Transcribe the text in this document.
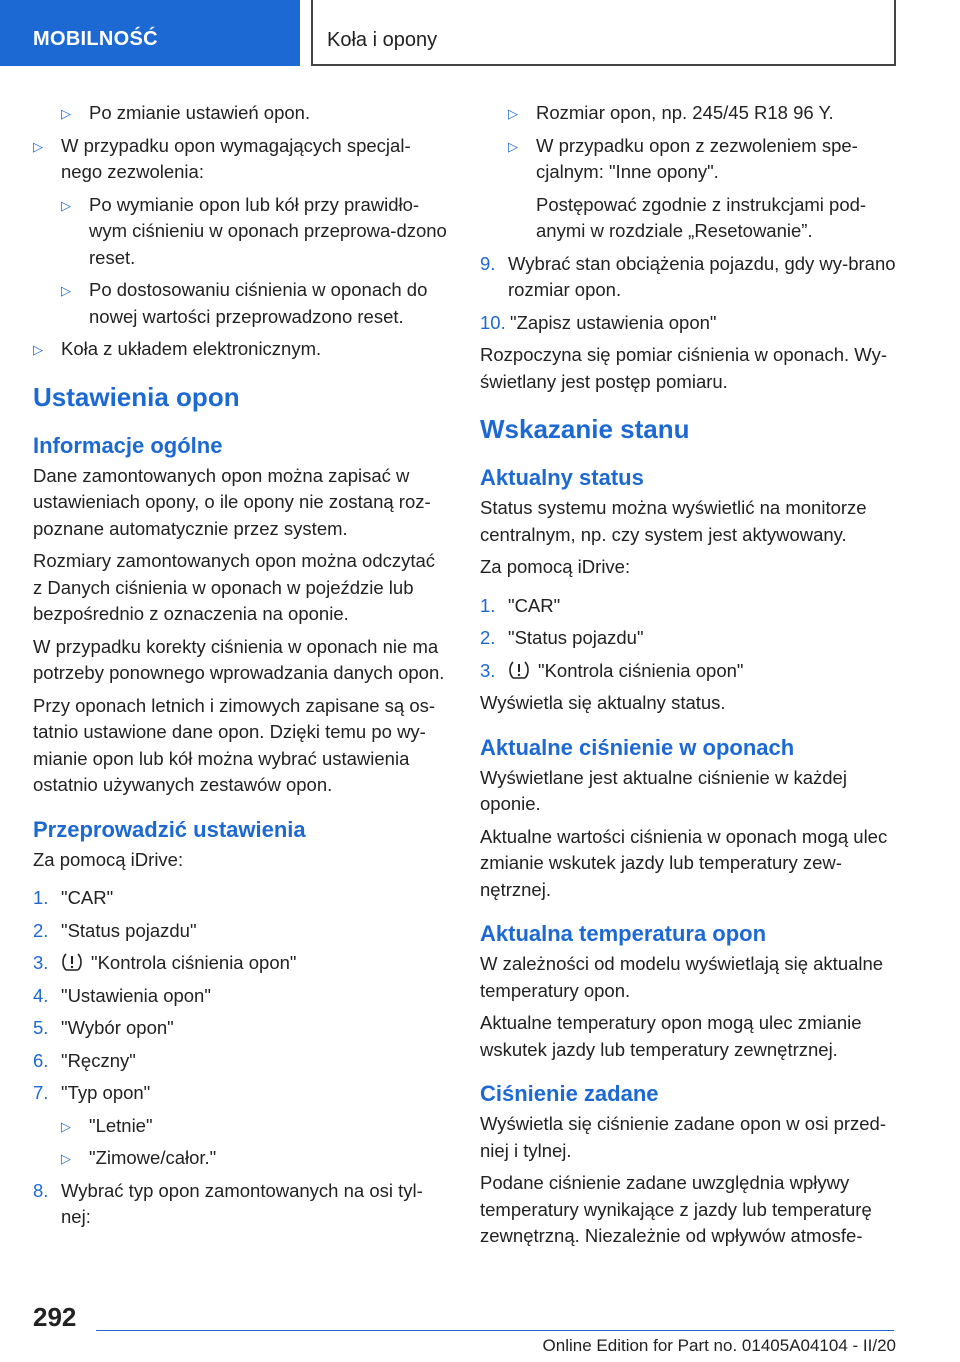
MOBILNOŚĆ	Koła i opony
▷ Po zmianie ustawień opon.
▷ W przypadku opon wymagających specjal-nego zezwolenia:
▷ Po wymianie opon lub kół przy prawidło-wym ciśnieniu w oponach przeprowa-dzono reset.
▷ Po dostosowaniu ciśnienia w oponach do nowej wartości przeprowadzono reset.
▷ Koła z układem elektronicznym.
Ustawienia opon
Informacje ogólne

Dane zamontowanych opon można zapisać w ustawieniach opony, o ile opony nie zostaną roz-poznane automatycznie przez system.

Rozmiary zamontowanych opon można odczytać z Danych ciśnienia w oponach w pojeździe lub bezpośrednio z oznaczenia na oponie.

W przypadku korekty ciśnienia w oponach nie ma potrzeby ponownego wprowadzania danych opon.

Przy oponach letnich i zimowych zapisane są os-tatnio ustawione dane opon. Dzięki temu po wy-mianie opon lub kół można wybrać ustawienia ostatnio używanych zestawów opon.

Przeprowadzić ustawienia

Za pomocą iDrive:

1. "CAR"
2. "Status pojazdu"
3. "Kontrola ciśnienia opon"
4. "Ustawienia opon"
5. "Wybór opon"
6. "Ręczny"
7. "Typ opon"
▷ "Letnie"
▷ "Zimowe/całor."
8. Wybrać typ opon zamontowanych na osi tyl-nej:
▷ Rozmiar opon, np. 245/45 R18 96 Y.
▷ W przypadku opon z zezwoleniem spe-cjalnym: "Inne opony".

Postępować zgodnie z instrukcjami pod-anymi w rozdziale „Resetowanie”.

9. Wybrać stan obciążenia pojazdu, gdy wy-brano rozmiar opon.
10. "Zapisz ustawienia opon"

Rozpoczyna się pomiar ciśnienia w oponach. Wy-świetlany jest postęp pomiaru.

Wskazanie stanu
Aktualny status

Status systemu można wyświetlić na monitorze centralnym, np. czy system jest aktywowany.

Za pomocą iDrive:

1. "CAR"
2. "Status pojazdu"
3. "Kontrola ciśnienia opon"

Wyświetla się aktualny status.

Aktualne ciśnienie w oponach

Wyświetlane jest aktualne ciśnienie w każdej oponie.

Aktualne wartości ciśnienia w oponach mogą ulec zmianie wskutek jazdy lub temperatury zew-nętrznej.

Aktualna temperatura opon

W zależności od modelu wyświetlają się aktualne temperatury opon.

Aktualne temperatury opon mogą ulec zmianie wskutek jazdy lub temperatury zewnętrznej.

Ciśnienie zadane

Wyświetla się ciśnienie zadane opon w osi przed-niej i tylnej.

Podane ciśnienie zadane uwzględnia wpływy temperatury wynikające z jazdy lub temperaturę zewnętrzną. Niezależnie od wpływów atmosfe-

292
Online Edition for Part no. 01405A04104 - II/20
